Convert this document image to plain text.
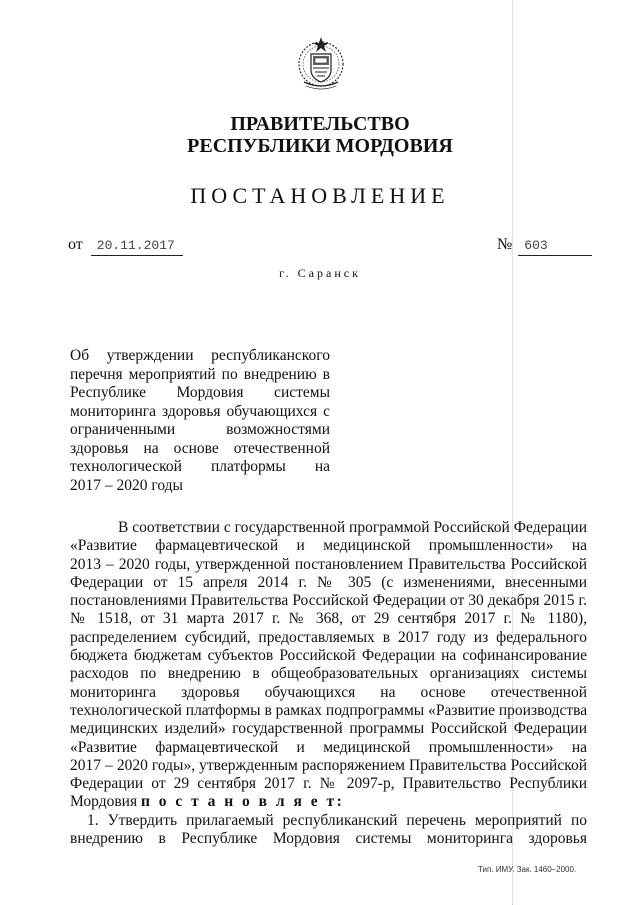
ПРАВИТЕЛЬСТВО
РЕСПУБЛИКИ МОРДОВИЯ
ПОСТАНОВЛЕНИЕ
от 20.11.2017	№ 603
г. Саранск

Об утверждении республиканского

перечня мероприятий по внедрению в

Республике Мордовия системы

мониторинга здоровья обучающихся с

ограниченными возможностями

здоровья на основе отечественной

технологической платформы на

2017 – 2020 годы

В соответствии с государственной программой Российской Федерации
«Развитие фармацевтической и медицинской промышленности» на
2013 – 2020 годы, утвержденной постановлением Правительства Российской
Федерации от 15 апреля 2014 г. № 305 (с изменениями, внесенными
постановлениями Правительства Российской Федерации от 30 декабря 2015 г.
№ 1518, от 31 марта 2017 г. № 368, от 29 сентября 2017 г. № 1180),
распределением субсидий, предоставляемых в 2017 году из федерального
бюджета бюджетам субъектов Российской Федерации на софинансирование
расходов по внедрению в общеобразовательных организациях системы
мониторинга здоровья обучающихся на основе отечественной
технологической платформы в рамках подпрограммы «Развитие производства
медицинских изделий» государственной программы Российской Федерации
«Развитие фармацевтической и медицинской промышленности» на
2017 – 2020 годы», утвержденным распоряжением Правительства Российской
Федерации от 29 сентября 2017 г. № 2097-р, Правительство Республики
Мордовия п о с т а н о в л я е т:
1. Утвердить прилагаемый республиканский перечень мероприятий по
внедрению в Республике Мордовия системы мониторинга здоровья
Тип. ИМУ. Зак. 1460–2000.
